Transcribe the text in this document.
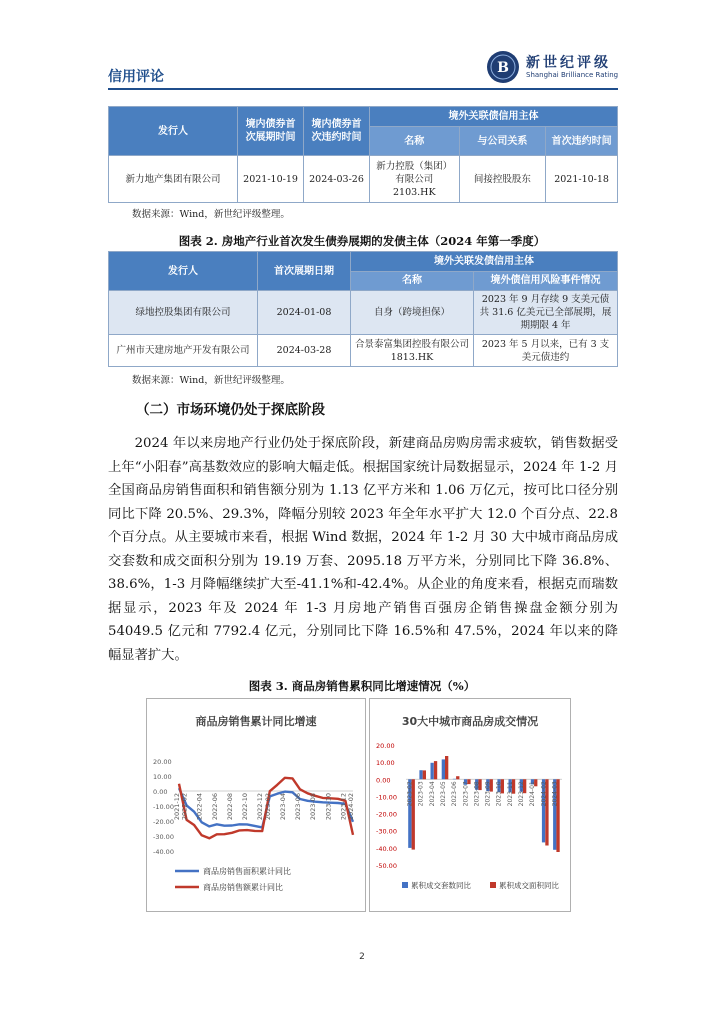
信用评论
B 新世纪评级
Shanghai Brilliance Rating
发行人	境内债券首次展期时间	境内债券首次违约时间	境外关联债信用主体		
			名称	与公司关系	首次违约时间
新力地产集团有限公司	2021-10-19	2024-03-26	新力控股（集团）有限公司 2103.HK	间接控股股东	2021-10-18
数据来源：Wind，新世纪评级整理。
图表 2. 房地产行业首次发生债券展期的发债主体（2024 年第一季度）
发行人	首次展期日期	境外关联发债信用主体	
		名称	境外债信用风险事件情况
绿地控股集团有限公司	2024-01-08	自身（跨境担保）	2023 年 9 月存续 9 支美元债共 31.6 亿美元已全部展期，展期期限 4 年
广州市天建房地产开发有限公司	2024-03-28	合景泰富集团控股有限公司 1813.HK	2023 年 5 月以来，已有 3 支美元债违约
数据来源：Wind，新世纪评级整理。
（二）市场环境仍处于探底阶段
2024 年以来房地产行业仍处于探底阶段，新建商品房购房需求疲软，销售数据受上年“小阳春”高基数效应的影响大幅走低。根据国家统计局数据显示，2024 年 1-2 月全国商品房销售面积和销售额分别为 1.13 亿平方米和 1.06 万亿元，按可比口径分别同比下降 20.5%、29.3%，降幅分别较 2023 年全年水平扩大 12.0 个百分点、22.8 个百分点。从主要城市来看，根据 Wind 数据，2024 年 1-2 月 30 大中城市商品房成交套数和成交面积分别为 19.19 万套、2095.18 万平方米，分别同比下降 36.8%、38.6%，1-3 月降幅继续扩大至-41.1%和-42.4%。从企业的角度来看，根据克而瑞数据显示，2023 年及 2024 年 1-3 月房地产销售百强房企销售操盘金额分别为 54049.5 亿元和 7792.4 亿元，分别同比下降 16.5%和 47.5%，2024 年以来的降幅显著扩大。
图表 3. 商品房销售累积同比增速情况（%）
商品房销售累计同比增速
20.00
10.00
0.00
-10.00
-20.00
-30.00
-40.00
2021-12 2022-02 2022-04 2022-06 2022-08 2022-10 2022-12 2023-02 2023-04 2023-06 2023-08 2023-10 2023-12 2024-02
商品房销售面积累计同比
商品房销售额累计同比
30大中城市商品房成交情况
20.00
10.00
0.00
-10.00
-20.00
-30.00
-40.00
-50.00
2023-02 2023-03 2023-04 2023-05 2023-06 2023-07 2023-08 2023-09 2023-10 2023-11 2023-12 2024-01 2024-02 2024-03
累积成交套数同比	累积成交面积同比
2
